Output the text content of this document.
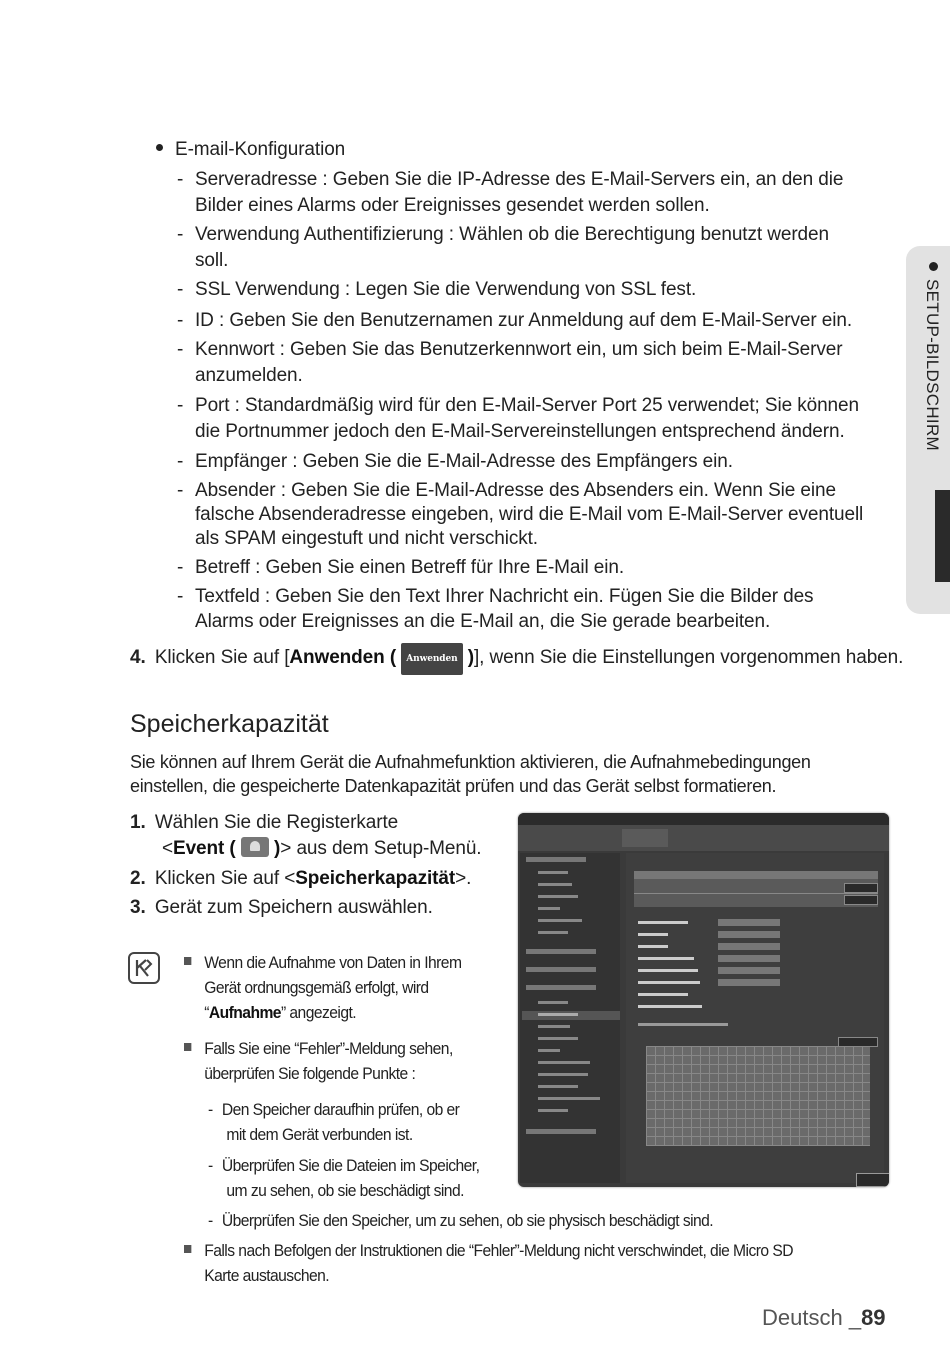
SETUP-BILDSCHIRM
E-mail-Konfiguration
- Serveradresse : Geben Sie die IP-Adresse des E-Mail-Servers ein, an den die
Bilder eines Alarms oder Ereignisses gesendet werden sollen.
- Verwendung Authentifizierung : Wählen ob die Berechtigung benutzt werden
soll.
- SSL Verwendung : Legen Sie die Verwendung von SSL fest.
- ID : Geben Sie den Benutzernamen zur Anmeldung auf dem E-Mail-Server ein.
- Kennwort : Geben Sie das Benutzerkennwort ein, um sich beim E-Mail-Server
anzumelden.
- Port : Standardmäßig wird für den E-Mail-Server Port 25 verwendet; Sie können
die Portnummer jedoch den E-Mail-Servereinstellungen entsprechend ändern.
- Empfänger : Geben Sie die E-Mail-Adresse des Empfängers ein.
- Absender : Geben Sie die E-Mail-Adresse des Absenders ein. Wenn Sie eine
falsche Absenderadresse eingeben, wird die E-Mail vom E-Mail-Server eventuell
als SPAM eingestuft und nicht verschickt.
- Betreff : Geben Sie einen Betreff für Ihre E-Mail ein.
- Textfeld : Geben Sie den Text Ihrer Nachricht ein. Fügen Sie die Bilder des
Alarms oder Ereignisses an die E-Mail an, die Sie gerade bearbeiten.
4. Klicken Sie auf [Anwenden ( Anwenden )], wenn Sie die Einstellungen vorgenommen haben.
Speicherkapazität
Sie können auf Ihrem Gerät die Aufnahmefunktion aktivieren, die Aufnahmebedingungen
einstellen, die gespeicherte Datenkapazität prüfen und das Gerät selbst formatieren.
1. Wählen Sie die Registerkarte
<Event ( )> aus dem Setup-Menü.
2. Klicken Sie auf <Speicherkapazität>.
3. Gerät zum Speichern auswählen.
Wenn die Aufnahme von Daten in Ihrem
Gerät ordnungsgemäß erfolgt, wird
“Aufnahme” angezeigt.
Falls Sie eine “Fehler”-Meldung sehen,
überprüfen Sie folgende Punkte :
- Den Speicher daraufhin prüfen, ob er
mit dem Gerät verbunden ist.
- Überprüfen Sie die Dateien im Speicher,
um zu sehen, ob sie beschädigt sind.
- Überprüfen Sie den Speicher, um zu sehen, ob sie physisch beschädigt sind.
Falls nach Befolgen der Instruktionen die “Fehler”-Meldung nicht verschwindet, die Micro SD
Karte austauschen.
Deutsch _89
